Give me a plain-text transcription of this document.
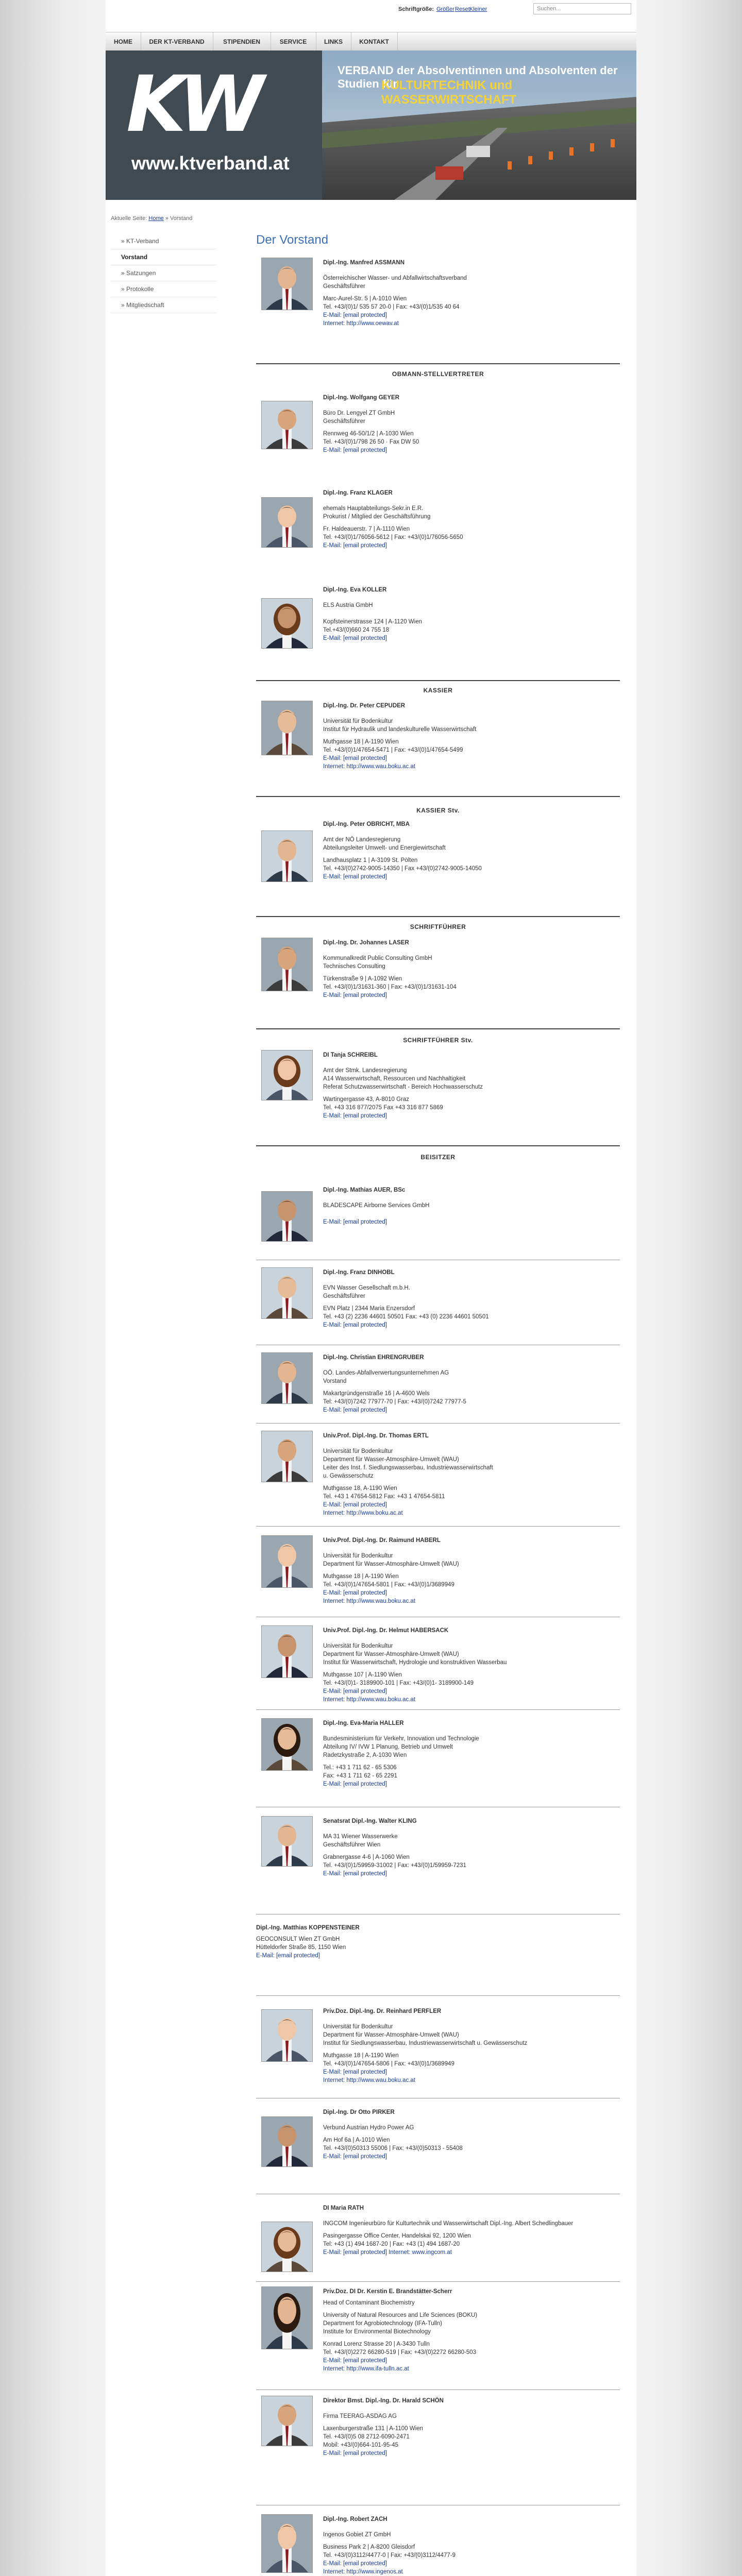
Schriftgröße: Größer Reset Kleiner	Suchen...
HOME	DER KT-VERBAND	STIPENDIEN	SERVICE	LINKS	KONTAKT
KW
www.ktverband.at
VERBAND der Absolventinnen und Absolventen der Studien für
KULTURTECHNIK und WASSERWIRTSCHAFT
Aktuelle Seite: Home » Vorstand
» KT-Verband
Vorstand
» Satzungen
» Protokolle
» Mitgliedschaft
Der Vorstand
Dipl.-Ing. Manfred ASSMANN
Österreichischer Wasser- und Abfallwirtschaftsverband
Geschäftsführer
Marc-Aurel-Str. 5 | A-1010 Wien
Tel. +43/(0)1/ 535 57 20-0 | Fax: +43/(0)1/535 40 64
E-Mail: [email protected]
Internet: http://www.oewav.at
OBMANN-STELLVERTRETER
Dipl.-Ing. Wolfgang GEYER
Büro Dr. Lengyel ZT GmbH
Geschäftsführer
Rennweg 46-50/1/2 | A-1030 Wien
Tel. +43/(0)1/798 26 50 · Fax DW 50
E-Mail: [email protected]
Dipl.-Ing. Franz KLAGER
ehemals Hauptabteilungs-Sekr.in E.R.
Prokurist / Mitglied der Geschäftsführung
Fr. Haldeauerstr. 7 | A-1110 Wien
Tel. +43/(0)1/76056-5612 | Fax: +43/(0)1/76056-5650
E-Mail: [email protected]
Dipl.-Ing. Eva KOLLER
ELS Austria GmbH
Kopfsteinerstrasse 124 | A-1120 Wien
Tel.+43/(0)660 24 755 18
E-Mail: [email protected]
KASSIER
Dipl.-Ing. Dr. Peter CEPUDER
Universität für Bodenkultur
Institut für Hydraulik und landeskulturelle Wasserwirtschaft
Muthgasse 18 | A-1190 Wien
Tel. +43/(0)1/47654-5471 | Fax: +43/(0)1/47654-5499
E-Mail: [email protected]
Internet: http://www.wau.boku.ac.at
KASSIER Stv.
Dipl.-Ing. Peter OBRICHT, MBA
Amt der NÖ Landesregierung
Abteilungsleiter Umwelt- und Energiewirtschaft
Landhausplatz 1 | A-3109 St. Pölten
Tel. +43/(0)2742-9005-14350 | Fax +43/(0)2742-9005-14050
E-Mail: [email protected]
SCHRIFTFÜHRER
Dipl.-Ing. Dr. Johannes LASER
Kommunalkredit Public Consulting GmbH
Technisches Consulting
Türkenstraße 9 | A-1092 Wien
Tel. +43/(0)1/31631-360 | Fax: +43/(0)1/31631-104
E-Mail: [email protected]
SCHRIFTFÜHRER Stv.
DI Tanja SCHREIBL
Amt der Stmk. Landesregierung
A14 Wasserwirtschaft, Ressourcen und Nachhaltigkeit
Referat Schutzwasserwirtschaft - Bereich Hochwasserschutz
Wartingergasse 43, A-8010 Graz
Tel. +43 316 877/2075 Fax +43 316 877 5869
E-Mail: [email protected]
BEISITZER
Dipl.-Ing. Mathias AUER, BSc
BLADESCAPE Airborne Services GmbH
E-Mail: [email protected]
Dipl.-Ing. Franz DINHOBL
EVN Wasser Gesellschaft m.b.H.
Geschäftsführer
EVN Platz | 2344 Maria Enzersdorf
Tel. +43 (2) 2236 44601 50501 Fax: +43 (0) 2236 44601 50501
E-Mail: [email protected]
Dipl.-Ing. Christian EHRENGRUBER
OÖ. Landes-Abfallverwertungsunternehmen AG
Vorstand
Makartgründgenstraße 16 | A-4600 Wels
Tel: +43/(0)7242 77977-70 | Fax: +43/(0)7242 77977-5
E-Mail: [email protected]
Univ.Prof. Dipl.-Ing. Dr. Thomas ERTL
Universität für Bodenkultur
Department für Wasser-Atmosphäre-Umwelt (WAU)
Leiter des Inst. f. Siedlungswasserbau, Industriewasserwirtschaft
u. Gewässerschutz
Muthgasse 18, A-1190 Wien
Tel. +43 1 47654-5812 Fax: +43 1 47654-5811
E-Mail: [email protected]
Internet: http://www.boku.ac.at
Univ.Prof. Dipl.-Ing. Dr. Raimund HABERL
Universität für Bodenkultur
Department für Wasser-Atmosphäre-Umwelt (WAU)
Muthgasse 18 | A-1190 Wien
Tel. +43/(0)1/47654-5801 | Fax: +43/(0)1/3689949
E-Mail: [email protected]
Internet: http://www.wau.boku.ac.at
Univ.Prof. Dipl.-Ing. Dr. Helmut HABERSACK
Universität für Bodenkultur
Department für Wasser-Atmosphäre-Umwelt (WAU)
Institut für Wasserwirtschaft, Hydrologie und konstruktiven Wasserbau
Muthgasse 107 | A-1190 Wien
Tel. +43/(0)1- 3189900-101 | Fax: +43/(0)1- 3189900-149
E-Mail: [email protected]
Internet: http://www.wau.boku.ac.at
Dipl.-Ing. Eva-Maria HALLER
Bundesministerium für Verkehr, Innovation und Technologie
Abteilung IV/ IVW 1 Planung, Betrieb und Umwelt
Radetzkystraße 2, A-1030 Wien
Tel.: +43 1 711 62 - 65 5306
Fax: +43 1 711 62 - 65 2291
E-Mail: [email protected]
Senatsrat Dipl.-Ing. Walter KLING
MA 31 Wiener Wasserwerke
Geschäftsführer Wien
Grabnergasse 4-6 | A-1060 Wien
Tel. +43/(0)1/59959-31002 | Fax: +43/(0)1/59959-7231
E-Mail: [email protected]
Dipl.-Ing. Matthias KOPPENSTEINER
GEOCONSULT Wien ZT GmbH
Hütteldorfer Straße 85, 1150 Wien
E-Mail: [email protected]
Priv.Doz. Dipl.-Ing. Dr. Reinhard PERFLER
Universität für Bodenkultur
Department für Wasser-Atmosphäre-Umwelt (WAU)
Institut für Siedlungswasserbau, Industriewasserwirtschaft u. Gewässerschutz
Muthgasse 18 | A-1190 Wien
Tel. +43/(0)1/47654-5806 | Fax: +43/(0)1/3689949
E-Mail: [email protected]
Internet: http://www.wau.boku.ac.at
Dipl.-Ing. Dr Otto PIRKER
Verbund Austrian Hydro Power AG
Am Hof 6a | A-1010 Wien
Tel. +43/(0)50313 55006 | Fax: +43/(0)50313 - 55408
E-Mail: [email protected]
DI Maria RATH
INGCOM Ingenieurbüro für Kulturtechnik und Wasserwirtschaft Dipl.-Ing. Albert Schedlingbauer
Pasingergasse Office Center, Handelskai 92, 1200 Wien
Tel: +43 (1) 494 1687-20 | Fax: +43 (1) 494 1687-20
E-Mail: [email protected] Internet: www.ingcom.at
Priv.Doz. DI Dr. Kerstin E. Brandstätter-Scherr
Head of Contaminant Biochemistry
University of Natural Resources and Life Sciences (BOKU)
Department for Agrobiotechnology (IFA-Tulln)
Institute for Environmental Biotechnology
Konrad Lorenz Strasse 20 | A-3430 Tulln
Tel. +43/(0)2272 66280-519 | Fax: +43/(0)2272 66280-503
E-Mail: [email protected]
Internet: http://www.ifa-tulln.ac.at
Direktor Bmst. Dipl.-Ing. Dr. Harald SCHÖN
Firma TEERAG-ASDAG AG
Laxenburgerstraße 131 | A-1100 Wien
Tel. +43/(0)5 08 2712-6090-2471
Mobil: +43/(0)664-101-95-45
E-Mail: [email protected]
Dipl.-Ing. Robert ZACH
Ingenos Gobiet ZT GmbH
Business Park 2 | A-8200 Gleisdorf
Tel. +43/(0)3112/4477-0 | Fax: +43/(0)3112/4477-9
E-Mail: [email protected]
Internet: http://www.ingenos.at
